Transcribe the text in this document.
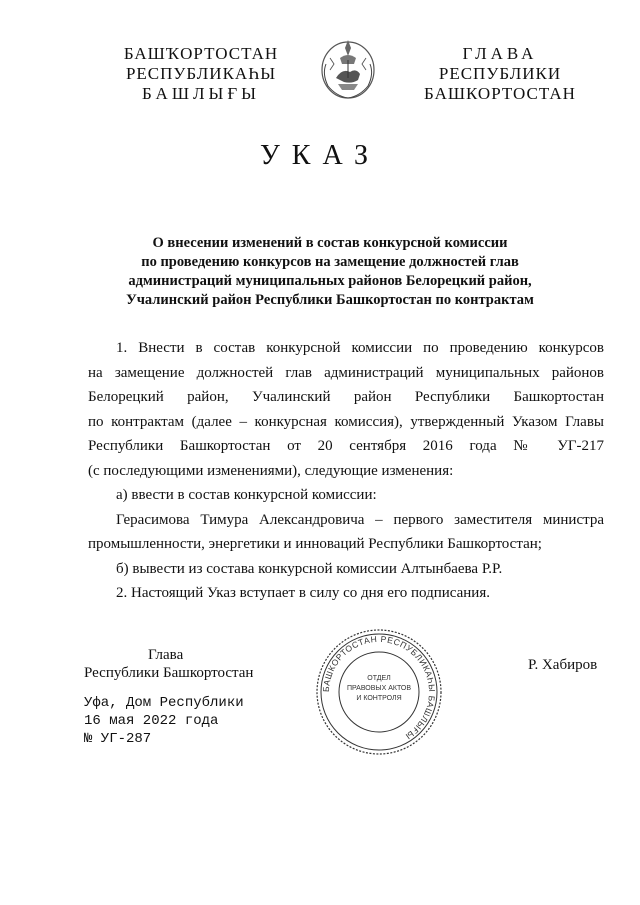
БАШҠОРТОСТАН
РЕСПУБЛИКАҺЫ
БАШЛЫҒЫ
ГЛАВА
РЕСПУБЛИКИ
БАШКОРТОСТАН
УКАЗ
О внесении изменений в состав конкурсной комиссии
по проведению конкурсов на замещение должностей глав
администраций муниципальных районов Белорецкий район,
Учалинский район Республики Башкортостан по контрактам

1. Внести в состав конкурсной комиссии по проведению конкурсов

на замещение должностей глав администраций муниципальных районов

Белорецкий район, Учалинский район Республики Башкортостан

по контрактам (далее – конкурсная комиссия), утвержденный Указом Главы

Республики Башкортостан от 20 сентября 2016 года № УГ-217

(с последующими изменениями), следующие изменения:

а) ввести в состав конкурсной комиссии:

Герасимова Тимура Александровича – первого заместителя министра

промышленности, энергетики и инноваций Республики Башкортостан;

б) вывести из состава конкурсной комиссии Алтынбаева Р.Р.

2. Настоящий Указ вступает в силу со дня его подписания.

Глава
Республики Башкортостан	Р. Хабиров
Уфа, Дом Республики
16 мая 2022 года
№ УГ-287
БАШКОРТОСТАН РЕСПУБЛИКАҺЫ БАШЛЫҒЫ
ОТДЕЛ
ПРАВОВЫХ АКТОВ
И КОНТРОЛЯ
